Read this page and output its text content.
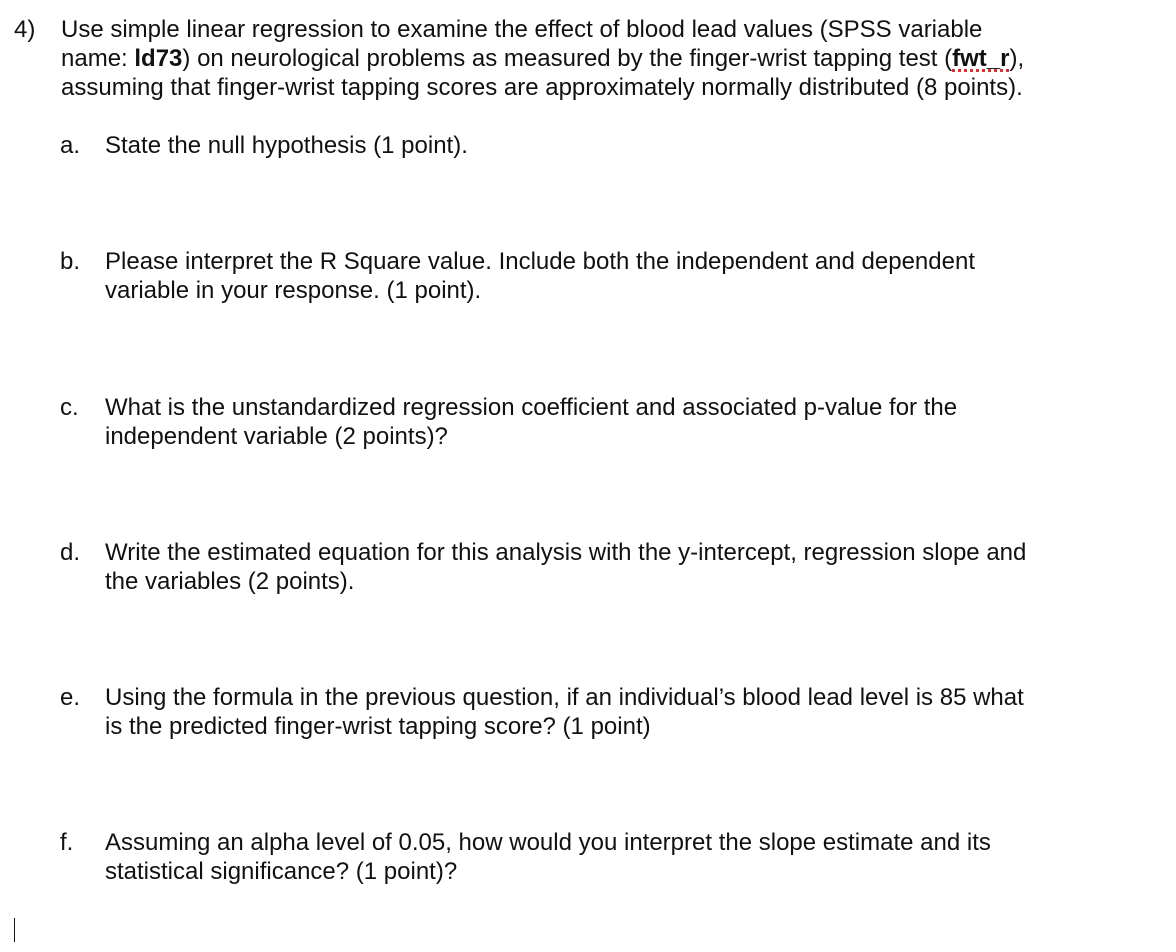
4) Use simple linear regression to examine the effect of blood lead values (SPSS variable
name: ld73) on neurological problems as measured by the finger-wrist tapping test (fwt_r),
assuming that finger-wrist tapping scores are approximately normally distributed (8 points).
a. State the null hypothesis (1 point).
b. Please interpret the R Square value. Include both the independent and dependent
variable in your response. (1 point).
c. What is the unstandardized regression coefficient and associated p-value for the
independent variable (2 points)?
d. Write the estimated equation for this analysis with the y-intercept, regression slope and
the variables (2 points).
e. Using the formula in the previous question, if an individual’s blood lead level is 85 what
is the predicted finger-wrist tapping score? (1 point)
f. Assuming an alpha level of 0.05, how would you interpret the slope estimate and its
statistical significance? (1 point)?
